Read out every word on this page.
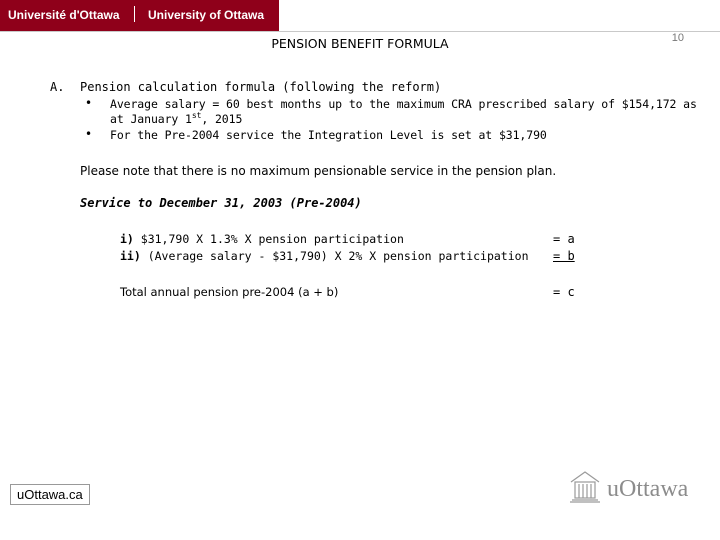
Université d'Ottawa University of Ottawa
PENSION BENEFIT FORMULA	10
A. Pension calculation formula (following the reform)
• Average salary = 60 best months up to the maximum CRA prescribed salary of $154,172 as
at January 1st, 2015
• For the Pre-2004 service the Integration Level is set at $31,790
Please note that there is no maximum pensionable service in the pension plan.
Service to December 31, 2003 (Pre-2004)
i) $31,790 X 1.3% X pension participation	= a
ii) (Average salary - $31,790) X 2% X pension participation = b
Total annual pension pre-2004 (a + b)	= c
uOttawa.ca	uOttawa
